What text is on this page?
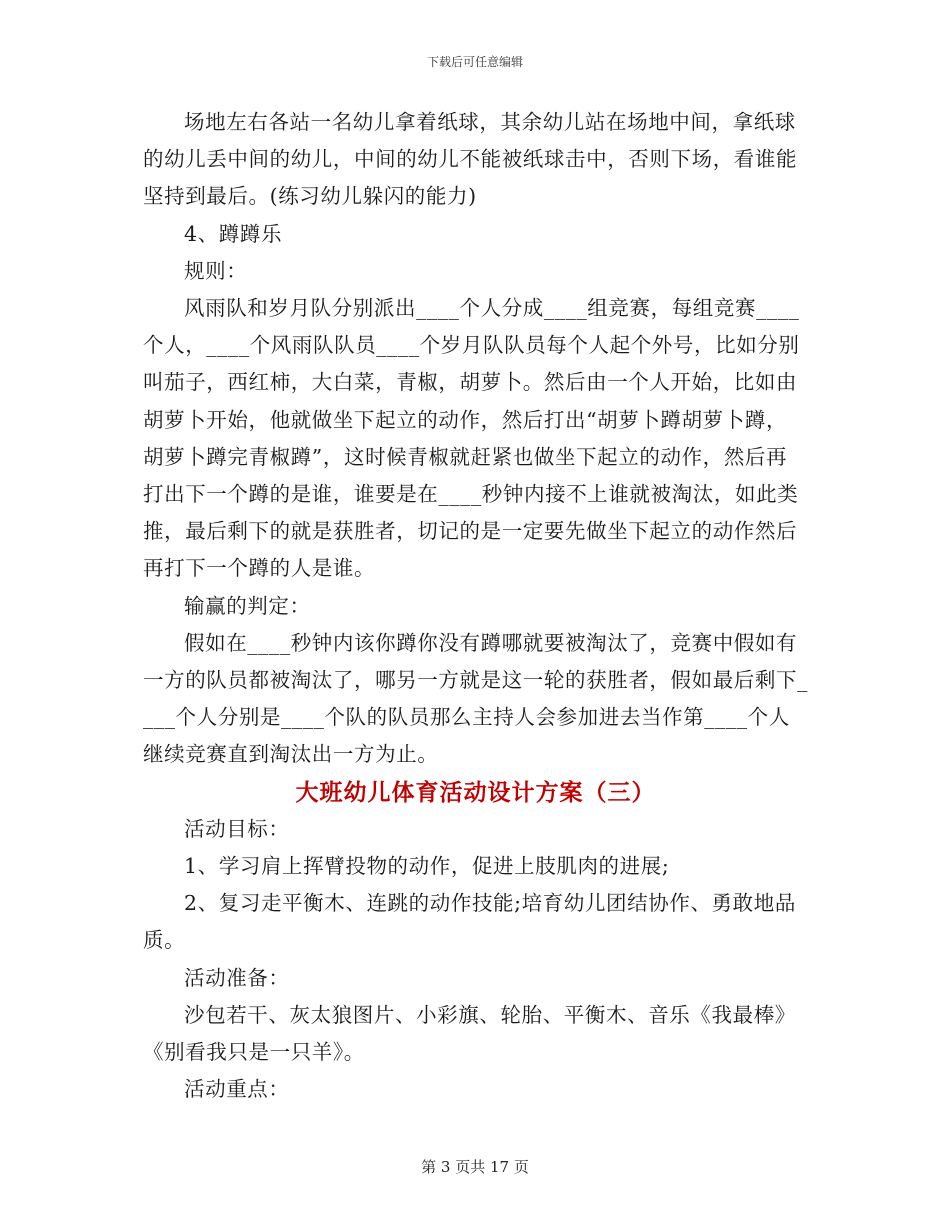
下载后可任意编辑

场地左右各站一名幼儿拿着纸球，其余幼儿站在场地中间，拿纸球的幼儿丢中间的幼儿，中间的幼儿不能被纸球击中，否则下场，看谁能坚持到最后。(练习幼儿躲闪的能力)

4、蹲蹲乐

规则：

风雨队和岁月队分别派出____个人分成____组竞赛，每组竞赛____个人，____个风雨队队员____个岁月队队员每个人起个外号，比如分别叫茄子，西红柿，大白菜，青椒，胡萝卜。然后由一个人开始，比如由胡萝卜开始，他就做坐下起立的动作，然后打出“胡萝卜蹲胡萝卜蹲，胡萝卜蹲完青椒蹲”，这时候青椒就赶紧也做坐下起立的动作，然后再打出下一个蹲的是谁，谁要是在____秒钟内接不上谁就被淘汰，如此类推，最后剩下的就是获胜者，切记的是一定要先做坐下起立的动作然后再打下一个蹲的人是谁。

输赢的判定：

假如在____秒钟内该你蹲你没有蹲哪就要被淘汰了，竞赛中假如有一方的队员都被淘汰了，哪另一方就是这一轮的获胜者，假如最后剩下____个人分别是____个队的队员那么主持人会参加进去当作第____个人继续竞赛直到淘汰出一方为止。

大班幼儿体育活动设计方案（三）

活动目标：

1、学习肩上挥臂投物的动作，促进上肢肌肉的进展;

2、复习走平衡木、连跳的动作技能;培育幼儿团结协作、勇敢地品质。

活动准备：

沙包若干、灰太狼图片、小彩旗、轮胎、平衡木、音乐《我最棒》《别看我只是一只羊》。

活动重点：

第 3 页共 17 页
